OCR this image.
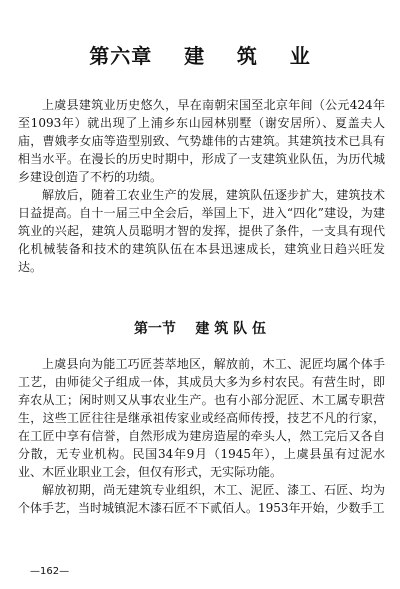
第六章    建    筑    业

上虞县建筑业历史悠久，早在南朝宋国至北京年间（公元424年至1093年）就出现了上浦乡东山园林别墅（谢安居所）、夏盖夫人庙，曹娥孝女庙等造型别致、气势雄伟的古建筑。其建筑技术已具有相当水平。在漫长的历史时期中，形成了一支建筑业队伍，为历代城乡建设创造了不朽的功绩。

解放后，随着工农业生产的发展，建筑队伍逐步扩大，建筑技术日益提高。自十一届三中全会后，举国上下，进入“四化”建设，为建筑业的兴起，建筑人员聪明才智的发挥，提供了条件，一支具有现代化机械装备和技术的建筑队伍在本县迅速成长，建筑业日趋兴旺发达。

第一节    建 筑 队 伍

上虞县向为能工巧匠荟萃地区，解放前，木工、泥匠均属个体手工艺，由师徒父子组成一体，其成员大多为乡村农民。有营生时，即弃农从工；闲时则又从事农业生产。也有小部分泥匠、木工属专职营生，这些工匠往往是继承祖传家业或经高师传授，技艺不凡的行家，在工匠中享有信誉，自然形成为建房造屋的牵头人，然工完后又各自分散，无专业机构。民国34年9月（1945年），上虞县虽有过泥水业、木匠业职业工会，但仅有形式，无实际功能。

解放初期，尚无建筑专业组织，木工、泥匠、漆工、石匠、均为个体手艺，当时城镇泥木漆石匠不下贰佰人。1953年开始，少数手工

—162—
